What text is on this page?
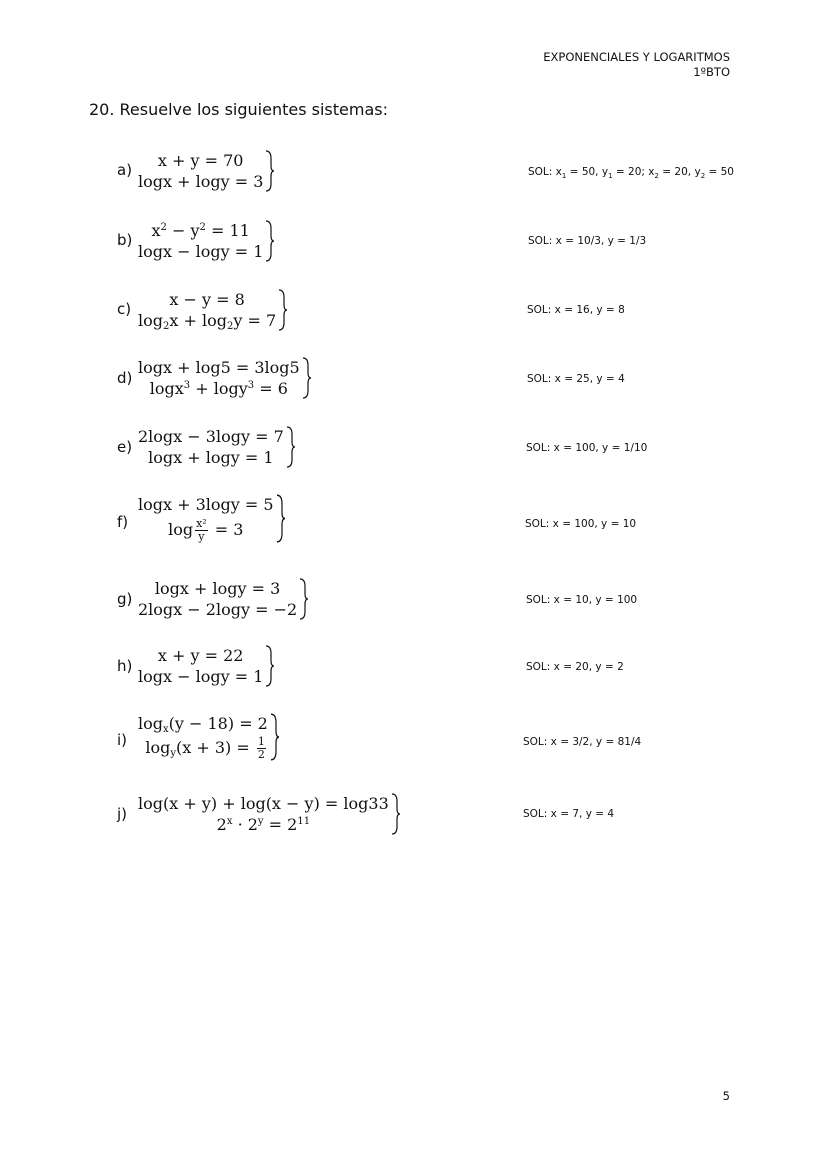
EXPONENCIALES Y LOGARITMOS
1ºBTO
20. Resuelve los siguientes sistemas:
a) x + y = 70
logx + logy = 3	SOL: $x_1 = 50$, $y_1 = 20$; $x_2 = 20$, $y_2 = 50$
b) $x^2 - y^2 = 11$
logx − logy = 1
SOL: x = 10/3, y = 1/3
c) x − y = 8
$\log_2x + \log_2y = 7$
SOL: x = 16, y = 8
d)
logx + log5 = 3log5
logx$^3$ + logy$^3$ = 6	SOL: x = 25, y = 4
e)
2logx − 3logy = 7
logx + logy = 1	SOL: x = 100, y = 1/10
f)
logx + 3logy = 5
$\log \frac{\text{x²}}{y} = 3$	SOL: x = 100, y = 10
g)
logx + logy = 3
2logx − 2logy = −2	SOL: x = 10, y = 100
h)
x + y = 22
logx − logy = 1	SOL: x = 20, y = 2
i)
$\log_x(y - 18) = 2$
$\log_y(x + 3) = \frac{1}{2}$	SOL: x = 3/2, y = 81/4
j)
log(x + y) + log(x − y) = log33
$2^x \cdot 2^y = 2^{11}$
SOL: x = 7, y = 4
5
